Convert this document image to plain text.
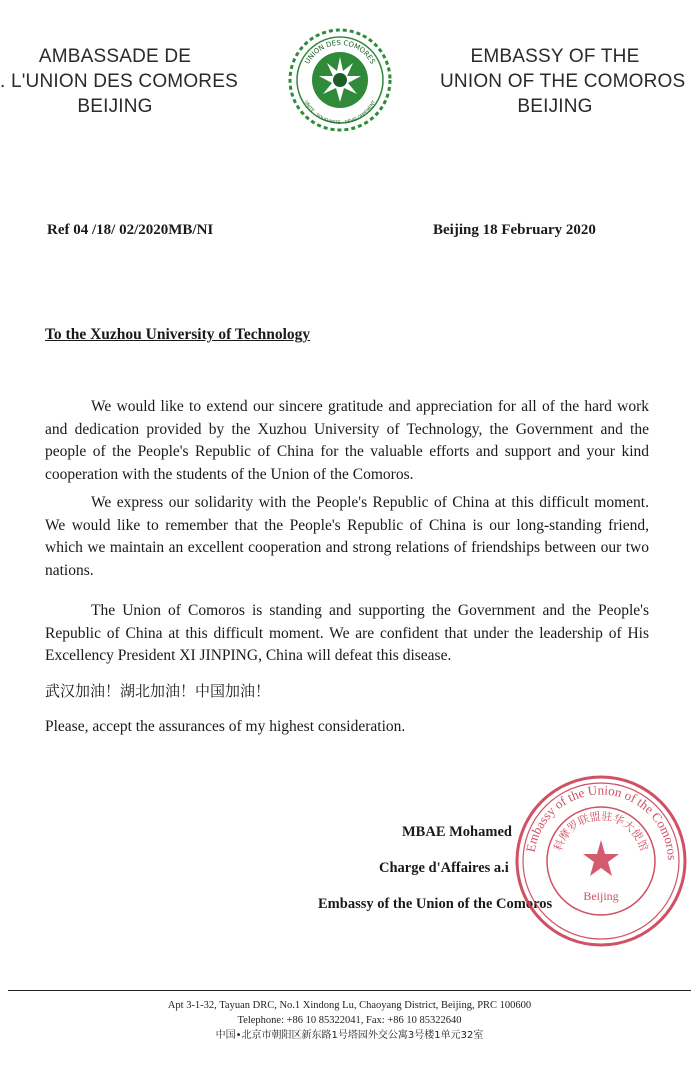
AMBASSADE DE
. L'UNION DES COMORES
BEIJING
UNION DES COMORES
UNITÉ · SOLIDARITÉ · DÉVELOPPEMENT
EMBASSY OF THE
UNION OF THE COMOROS
BEIJING
Ref 04 /18/ 02/2020MB/NI	Beijing 18 February 2020
To the Xuzhou University of Technology
We would like to extend our sincere gratitude and appreciation for all of the hard work and dedication provided by the Xuzhou University of Technology, the Government and the people of the People's Republic of China for the valuable efforts and support and your kind cooperation with the students of the Union of the Comoros.
We express our solidarity with the People's Republic of China at this difficult moment. We would like to remember that the People's Republic of China is our long-standing friend, which we maintain an excellent cooperation and strong relations of friendships between our two nations.
The Union of Comoros is standing and supporting the Government and the People's Republic of China at this difficult moment. We are confident that under the leadership of His Excellency President XI JINPING, China will defeat this disease.
武汉加油！湖北加油！中国加油！
Please, accept the assurances of my highest consideration.
MBAE Mohamed
Charge d'Affaires a.i
Embassy of the Union of the Comoros
Embassy of the Union of the Comoros
科摩罗联盟驻华大使馆
Beijing
Apt 3-1-32, Tayuan DRC, No.1 Xindong Lu, Chaoyang District, Beijing, PRC 100600
Telephone: +86 10 85322041, Fax: +86 10 85322640
中国•北京市朝阳区新东路1号塔园外交公寓3号楼1单元32室
